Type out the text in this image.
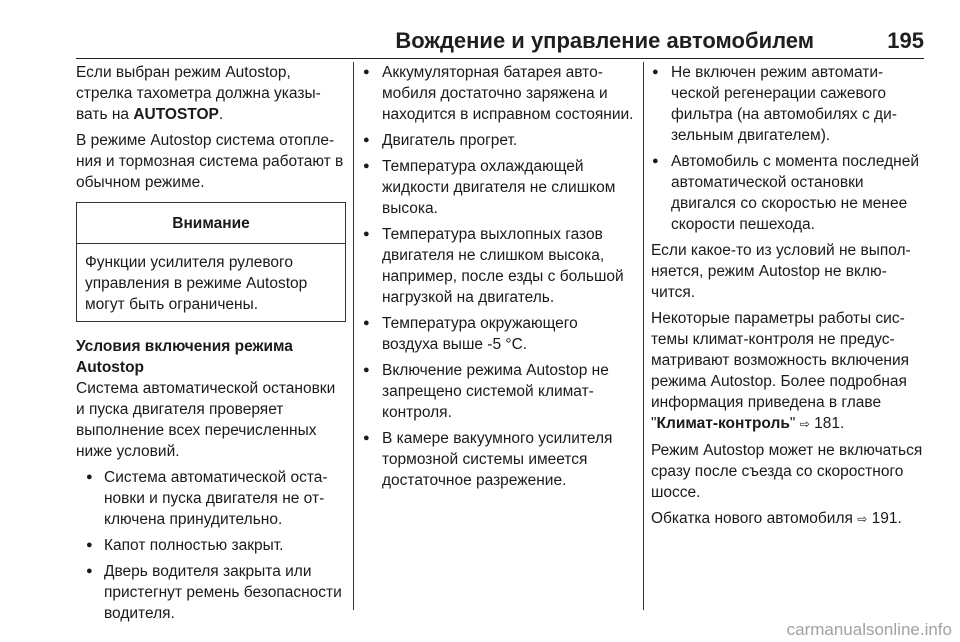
Вождение и управление автомобилем	195

Если выбран режим Autostop, стрелка тахометра должна указывать на AUTOSTOP.

В режиме Autostop система отопления и тормозная система работают в обычном режиме.

Внимание
Функции усилителя рулевого управления в режиме Autostop могут быть ограничены.

Условия включения режима Autostop

Система автоматической остановки и пуска двигателя проверяет выполнение всех перечисленных ниже условий.

● Система автоматической остановки и пуска двигателя не отключена принудительно.
● Капот полностью закрыт.
● Дверь водителя закрыта или пристегнут ремень безопасности водителя.
● Аккумуляторная батарея автомобиля достаточно заряжена и находится в исправном состоянии.
● Двигатель прогрет.
● Температура охлаждающей жидкости двигателя не слишком высока.
● Температура выхлопных газов двигателя не слишком высока, например, после езды с большой нагрузкой на двигатель.
● Температура окружающего воздуха выше -5 °C.
● Включение режима Autostop не запрещено системой климат-контроля.
● В камере вакуумного усилителя тормозной системы имеется достаточное разрежение.
● Не включен режим автоматической регенерации сажевого фильтра (на автомобилях с дизельным двигателем).
● Автомобиль с момента последней автоматической остановки двигался со скоростью не менее скорости пешехода.

Если какое-то из условий не выполняется, режим Autostop не включится.

Некоторые параметры работы системы климат-контроля не предусматривают возможность включения режима Autostop. Более подробная информация приведена в главе "Климат-контроль" ⇨ 181.

Режим Autostop может не включаться сразу после съезда со скоростного шоссе.

Обкатка нового автомобиля ⇨ 191.

carmanualsonline.info
